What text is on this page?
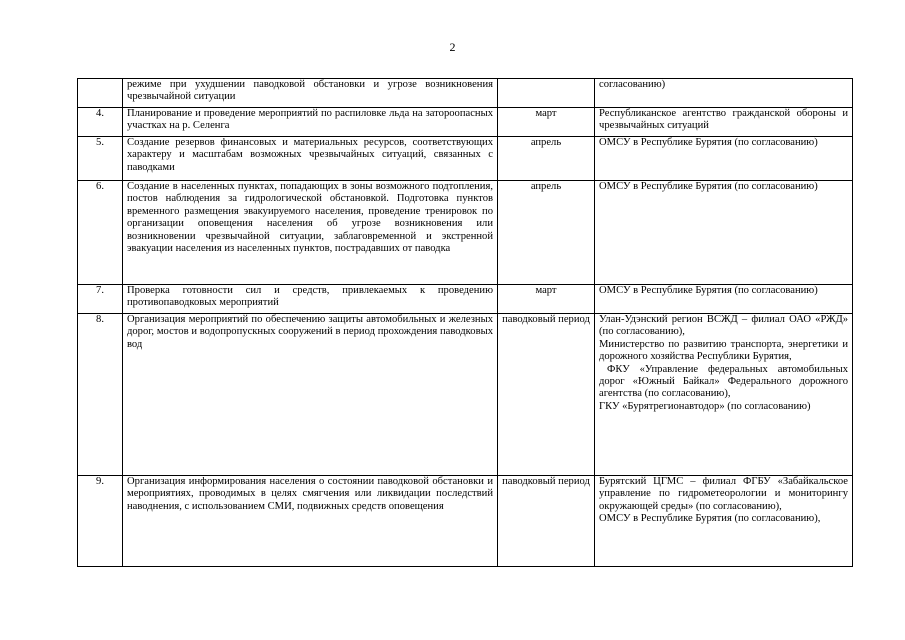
2
	режиме при ухудшении паводковой обстановки и угрозе возникновения чрезвычайной ситуации		согласованию)
4.	Планирование и проведение мероприятий по распиловке льда на затороопасных участках на р. Селенга	март	Республиканское агентство гражданской обороны и чрезвычайных ситуаций
5.	Создание резервов финансовых и материальных ресурсов, соответствующих характеру и масштабам возможных чрезвычайных ситуаций, связанных с паводками	апрель	ОМСУ в Республике Бурятия (по согласованию)
6.	Создание в населенных пунктах, попадающих в зоны возможного подтопления, постов наблюдения за гидрологической обстановкой. Подготовка пунктов временного размещения эвакуируемого населения, проведение тренировок по организации оповещения населения об угрозе возникновения или возникновении чрезвычайной ситуации, заблаговременной и экстренной эвакуации населения из населенных пунктов, пострадавших от паводка	апрель	ОМСУ в Республике Бурятия (по согласованию)
7.	Проверка готовности сил и средств, привлекаемых к проведению противопаводковых мероприятий	март	ОМСУ в Республике Бурятия (по согласованию)
8.	Организация мероприятий по обеспечению защиты автомобильных и железных дорог, мостов и водопропускных сооружений в период прохождения паводковых вод	паводковый период	Улан-Удэнский регион ВСЖД – филиал ОАО «РЖД» (по согласованию),
Министерство по развитию транспорта, энергетики и дорожного хозяйства Республики Бурятия,
ФКУ «Управление федеральных автомобильных дорог «Южный Байкал» Федерального дорожного агентства (по согласованию),
ГКУ «Бурятрегионавтодор» (по согласованию)

9.	Организация информирования населения о состоянии паводковой обстановки и мероприятиях, проводимых в целях смягчения или ликвидации последствий наводнения, с использованием СМИ, подвижных средств оповещения	паводковый период	Бурятский ЦГМС – филиал ФГБУ «Забайкальское управление по гидрометеорологии и мониторингу окружающей среды» (по согласованию),
ОМСУ в Республике Бурятия (по согласованию),
